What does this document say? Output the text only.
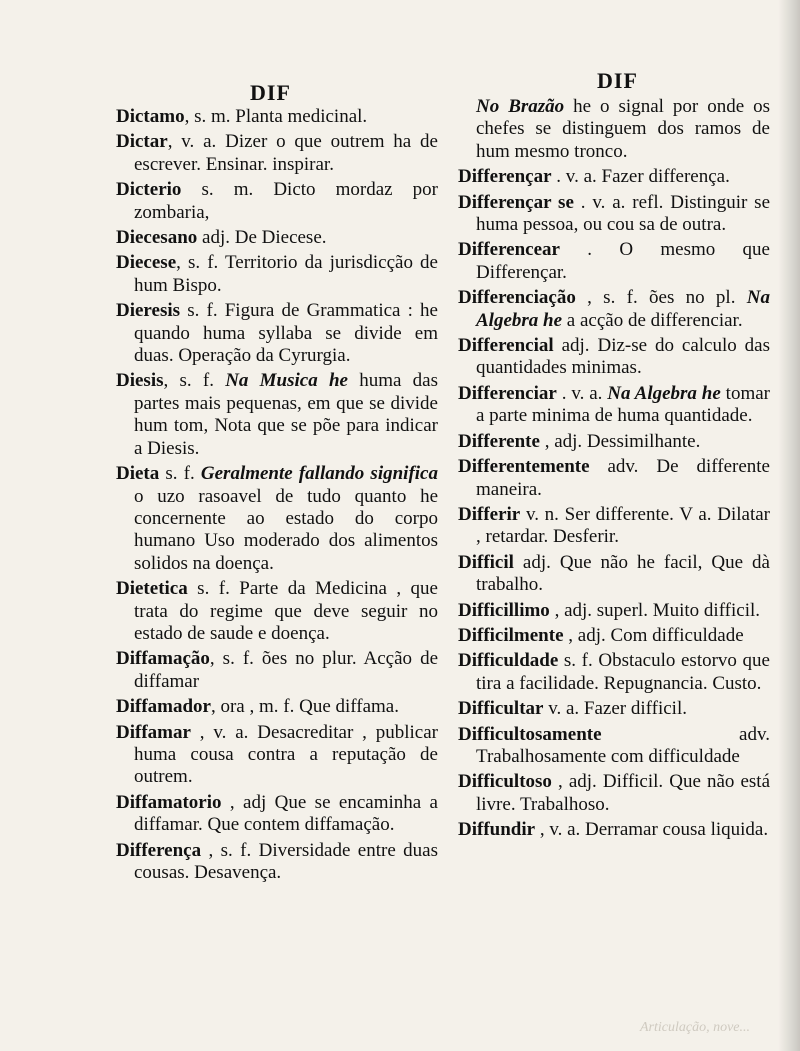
DIF	DIF

Dictamo, s. m. Planta medicinal.

Dictar, v. a. Dizer o que outrem ha de escrever. Ensinar. inspirar.

Dicterio s. m. Dicto mordaz por zombaria,

Diecesano adj. De Diecese.

Diecese, s. f. Territorio da jurisdicção de hum Bispo.

Dieresis s. f. Figura de Grammatica : he quando huma syllaba se divide em duas. Operação da Cyrurgia.

Diesis, s. f. Na Musica he huma das partes mais pequenas, em que se divide hum tom, Nota que se põe para indicar a Diesis.

Dieta s. f. Geralmente fallando significa o uzo rasoavel de tudo quanto he concernente ao estado do corpo humano Uso moderado dos alimentos solidos na doença.

Dietetica s. f. Parte da Medicina , que trata do regime que deve seguir no estado de saude e doença.

Diffamação, s. f. ões no plur. Acção de diffamar

Diffamador, ora , m. f. Que diffama.

Diffamar , v. a. Desacreditar , publicar huma cousa contra a reputação de outrem.

Diffamatorio , adj Que se encaminha a diffamar. Que contem diffamação.

Differença , s. f. Diversidade entre duas cousas. Desavença.

No Brazão he o signal por onde os chefes se distinguem dos ramos de hum mesmo tronco.

Differençar . v. a. Fazer differença.

Differençar se . v. a. refl. Distinguir se huma pessoa, ou cou sa de outra.

Differencear . O mesmo que Differençar.

Differenciação , s. f. ões no pl. Na Algebra he a acção de differenciar.

Differencial adj. Diz-se do calculo das quantidades minimas.

Differenciar . v. a. Na Algebra he tomar a parte minima de huma quantidade.

Differente , adj. Dessimilhante.

Differentemente adv. De differente maneira.

Differir v. n. Ser differente. V a. Dilatar , retardar. Desferir.

Difficil adj. Que não he facil, Que dà trabalho.

Difficillimo , adj. superl. Muito difficil.

Difficilmente , adj. Com difficuldade

Difficuldade s. f. Obstaculo estorvo que tira a facilidade. Repugnancia. Custo.

Difficultar v. a. Fazer difficil.

Difficultosamente adv. Trabalhosamente com difficuldade

Difficultoso , adj. Difficil. Que não está livre. Trabalhoso.

Diffundir , v. a. Derramar cousa liquida.

Articulação, nove...
